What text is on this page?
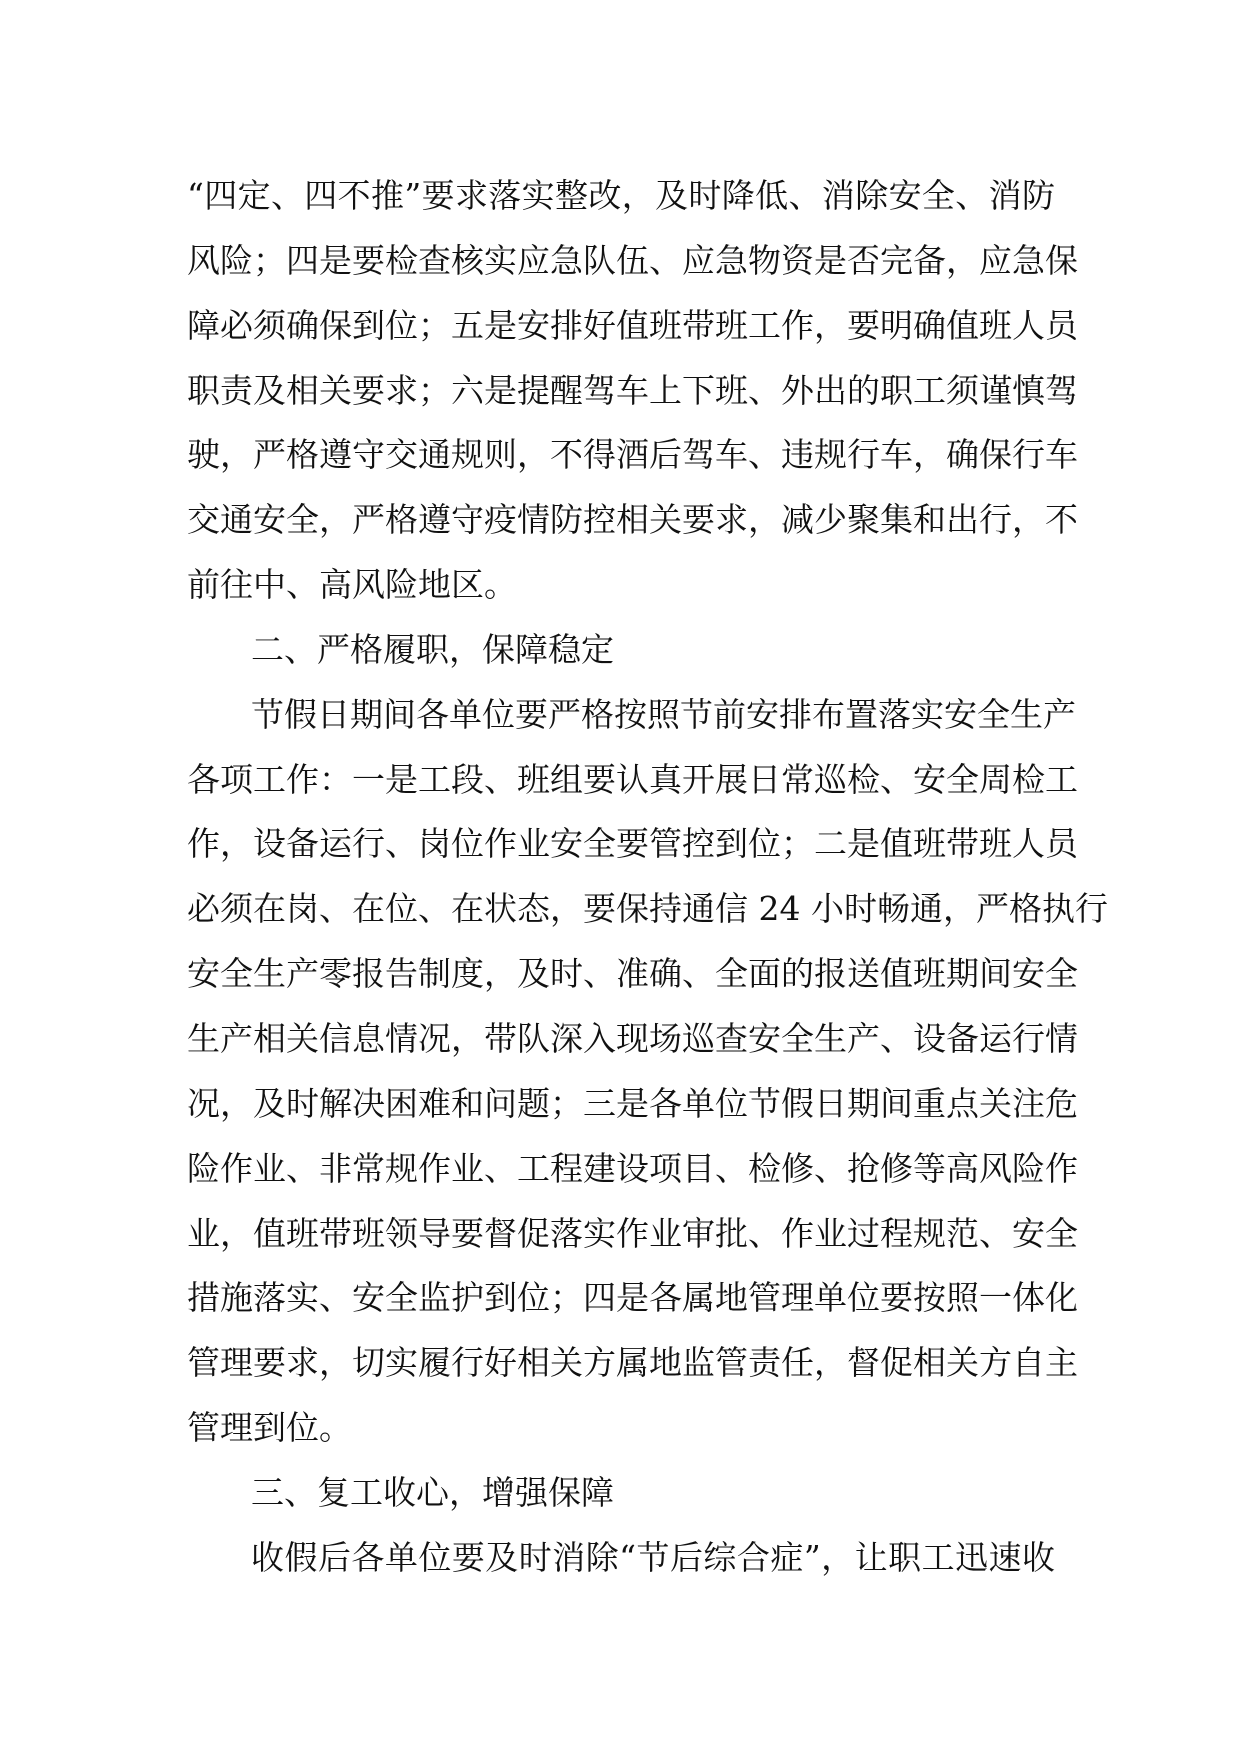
“四定、四不推”要求落实整改，及时降低、消除安全、消防
风险；四是要检查核实应急队伍、应急物资是否完备，应急保
障必须确保到位；五是安排好值班带班工作，要明确值班人员
职责及相关要求；六是提醒驾车上下班、外出的职工须谨慎驾
驶，严格遵守交通规则，不得酒后驾车、违规行车，确保行车
交通安全，严格遵守疫情防控相关要求，减少聚集和出行，不
前往中、高风险地区。
二、严格履职，保障稳定
节假日期间各单位要严格按照节前安排布置落实安全生产
各项工作：一是工段、班组要认真开展日常巡检、安全周检工
作，设备运行、岗位作业安全要管控到位；二是值班带班人员
必须在岗、在位、在状态，要保持通信 24 小时畅通，严格执行
安全生产零报告制度，及时、准确、全面的报送值班期间安全
生产相关信息情况，带队深入现场巡查安全生产、设备运行情
况，及时解决困难和问题；三是各单位节假日期间重点关注危
险作业、非常规作业、工程建设项目、检修、抢修等高风险作
业，值班带班领导要督促落实作业审批、作业过程规范、安全
措施落实、安全监护到位；四是各属地管理单位要按照一体化
管理要求，切实履行好相关方属地监管责任，督促相关方自主
管理到位。
三、复工收心，增强保障
收假后各单位要及时消除“节后综合症”，让职工迅速收
